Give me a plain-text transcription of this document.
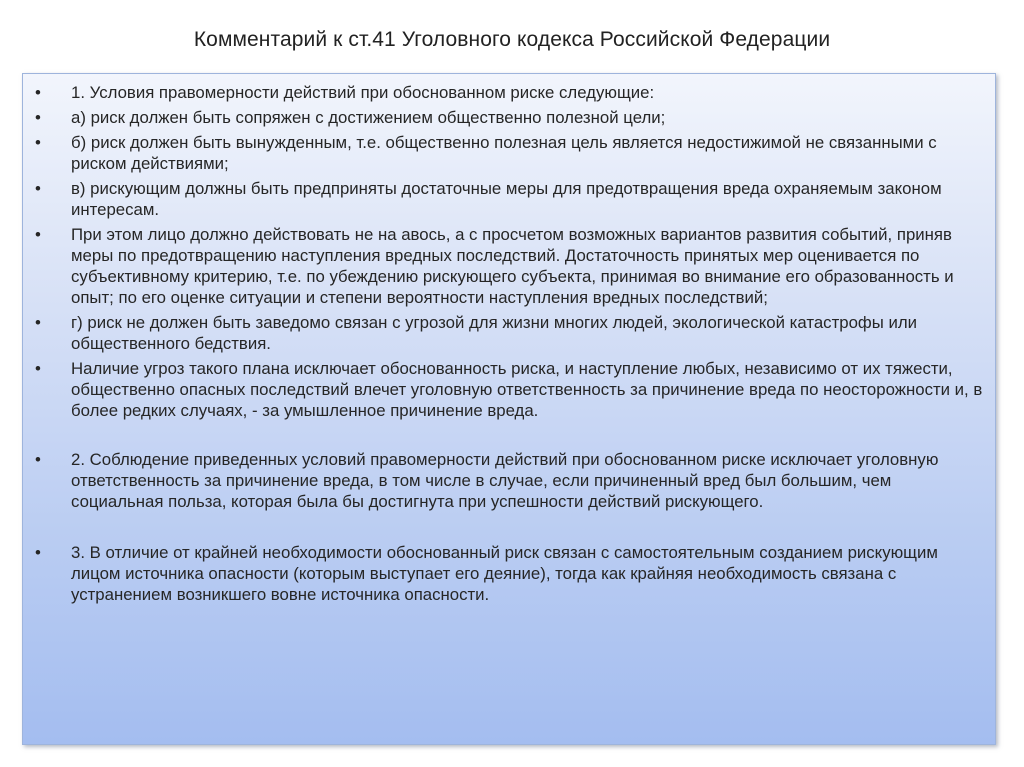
Комментарий к ст.41 Уголовного кодекса Российской Федерации
•	1. Условия правомерности действий при обоснованном риске следующие:
•	а) риск должен быть сопряжен с достижением общественно полезной цели;
•	б) риск должен быть вынужденным, т.е. общественно полезная цель является недостижимой не связанными с риском действиями;
•	в) рискующим должны быть предприняты достаточные меры для предотвращения вреда охраняемым законом интересам.
•	При этом лицо должно действовать не на авось, а с просчетом возможных вариантов развития событий, приняв меры по предотвращению наступления вредных последствий. Достаточность принятых мер оценивается по субъективному критерию, т.е. по убеждению рискующего субъекта, принимая во внимание его образованность и опыт; по его оценке ситуации и степени вероятности наступления вредных последствий;
•	г) риск не должен быть заведомо связан с угрозой для жизни многих людей, экологической катастрофы или общественного бедствия.
•	Наличие угроз такого плана исключает обоснованность риска, и наступление любых, независимо от их тяжести, общественно опасных последствий влечет уголовную ответственность за причинение вреда по неосторожности и, в более редких случаях, - за умышленное причинение вреда.
•	2. Соблюдение приведенных условий правомерности действий при обоснованном риске исключает уголовную ответственность за причинение вреда, в том числе в случае, если причиненный вред был большим, чем социальная польза, которая была бы достигнута при успешности действий рискующего.
•	3. В отличие от крайней необходимости обоснованный риск связан с самостоятельным созданием рискующим лицом источника опасности (которым выступает его деяние), тогда как крайняя необходимость связана с устранением возникшего вовне источника опасности.
